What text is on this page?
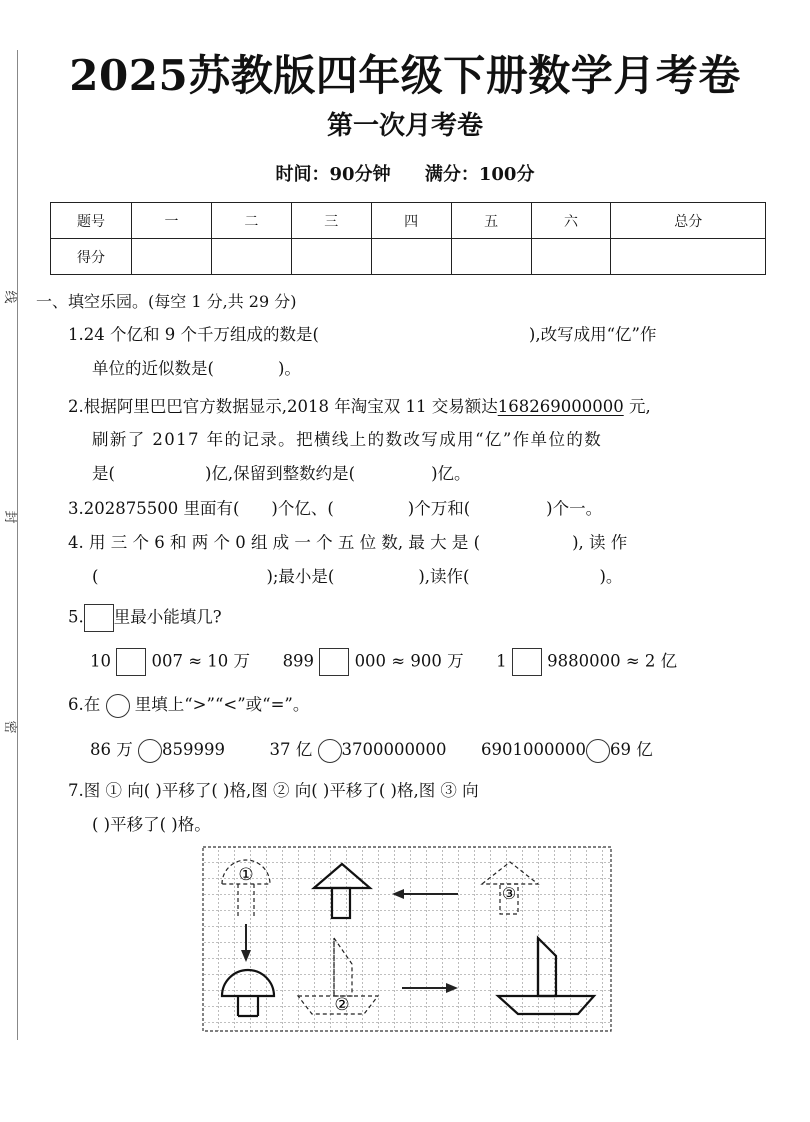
线
封
密
2025苏教版四年级下册数学月考卷
第一次月考卷
时间：90分钟 满分：100分
题号	一	二	三	四	五	六	总分
得分							
一、填空乐园。(每空 1 分,共 29 分)
1.24 个亿和 9 个千万组成的数是(	),改写成用“亿”作
单位的近似数是(	)。
2.根据阿里巴巴官方数据显示,2018 年淘宝双 11 交易额达168269000000 元,
刷新了 2017 年的记录。把横线上的数改写成用“亿”作单位的数
是(	)亿,保留到整数约是(	)亿。
3.202875500 里面有( )个亿、(	)个万和(	)个一。
4. 用 三 个 6 和 两 个 0 组 成 一 个 五 位 数, 最 大 是 (	), 读 作
(	);最小是(	),读作(	)。
5. 里最小能填几?
10 007 ≈ 10 万 899 000 ≈ 900 万 1 9880000 ≈ 2 亿
6.在 里填上“>”“<”或“=”。
86 万 859999	37 亿 3700000000 6901000000 69 亿
7.图 ① 向( )平移了( )格,图 ② 向( )平移了( )格,图 ③ 向
( )平移了( )格。
①
③
②
